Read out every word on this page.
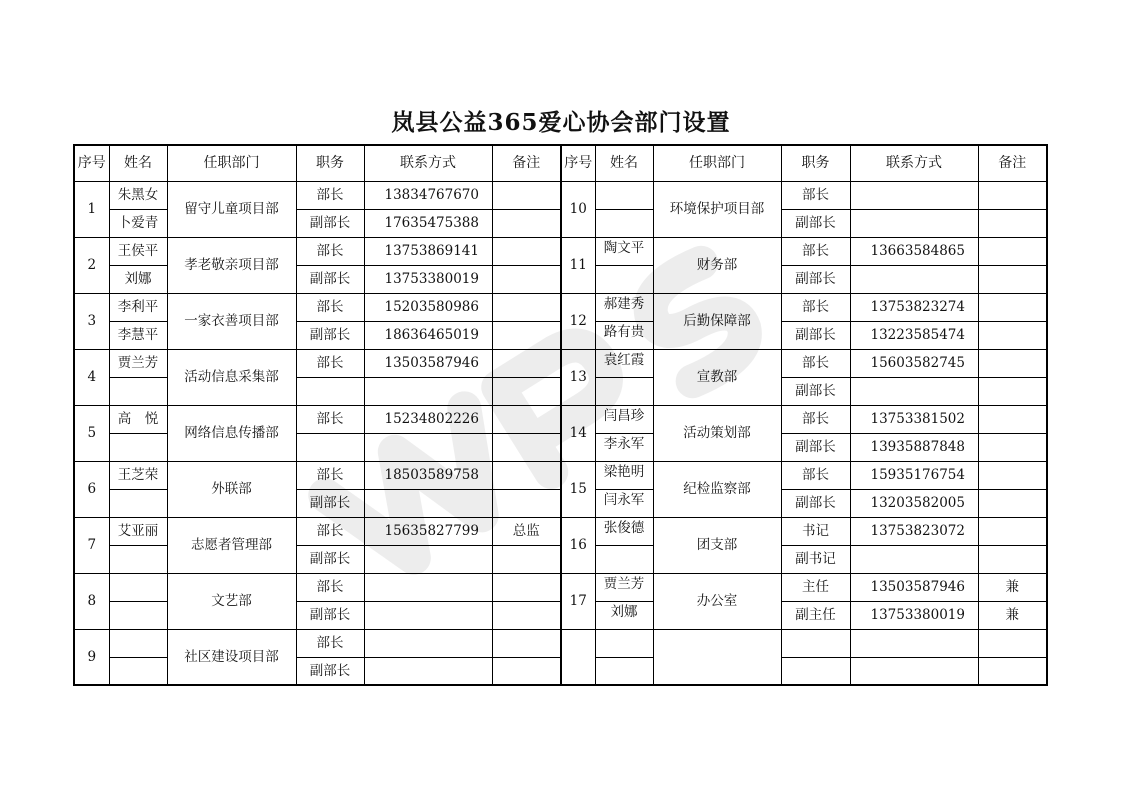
岚县公益365爱心协会部门设置
序号	姓名	任职部门	职务	联系方式	备注	序号	姓名	任职部门	职务	联系方式	备注
1	朱黑女	留守儿童项目部	部长	13834767670		10		环境保护项目部	部长		
	卜爱青		副部长	17635475388					副部长		
2	王侯平	孝老敬亲项目部	部长	13753869141		11	陶文平	财务部	部长	13663584865	
	刘娜		副部长	13753380019					副部长		
3	李利平	一家衣善项目部	部长	15203580986		12	郝建秀	后勤保障部	部长	13753823274	
	李慧平		副部长	18636465019			路有贵		副部长	13223585474	
4	贾兰芳	活动信息采集部	部长	13503587946		13	袁红霞	宣教部	部长	15603582745	
									副部长		
5	高　悦	网络信息传播部	部长	15234802226		14	闫昌珍	活动策划部	部长	13753381502	
							李永军		副部长	13935887848	
6	王芝荣	外联部	部长	18503589758		15	梁艳明	纪检监察部	部长	15935176754	
			副部长				闫永军		副部长	13203582005	
7	艾亚丽	志愿者管理部	部长	15635827799	总监	16	张俊德	团支部	书记	13753823072	
			副部长						副书记		
8		文艺部	部长			17	贾兰芳	办公室	主任	13503587946	兼
			副部长				刘娜		副主任	13753380019	兼
9		社区建设项目部	部长								
			副部长								
